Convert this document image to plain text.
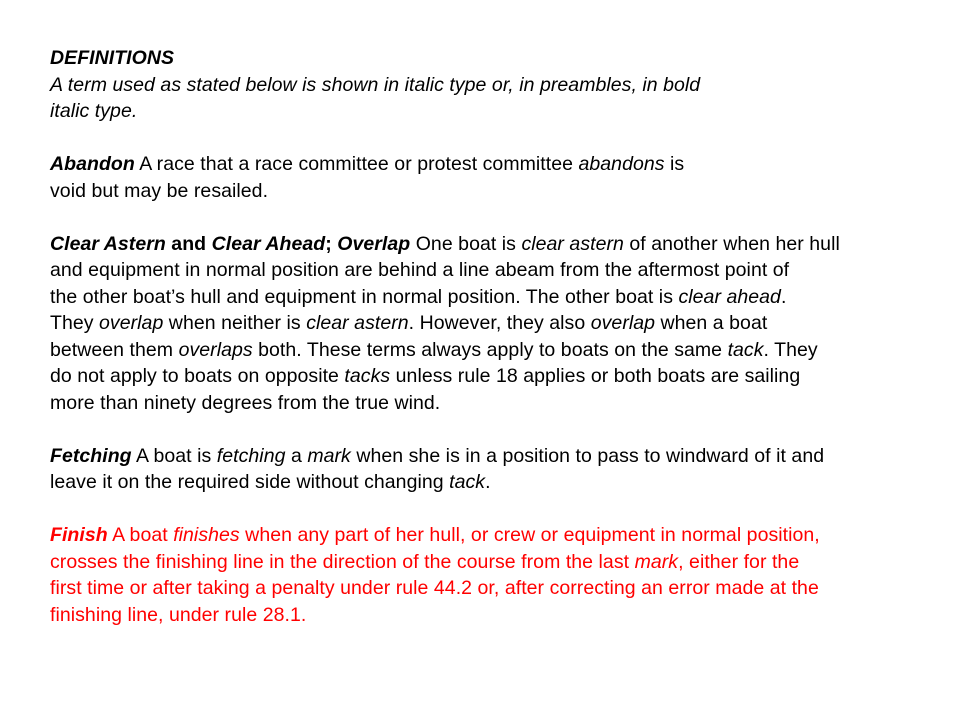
DEFINITIONS

A term used as stated below is shown in italic type or, in preambles, in bold
italic type.

Abandon A race that a race committee or protest committee abandons is
void but may be resailed.

Clear Astern and Clear Ahead; Overlap One boat is clear astern of another when her hull
and equipment in normal position are behind a line abeam from the aftermost point of
the other boat’s hull and equipment in normal position. The other boat is clear ahead.
They overlap when neither is clear astern. However, they also overlap when a boat
between them overlaps both. These terms always apply to boats on the same tack. They
do not apply to boats on opposite tacks unless rule 18 applies or both boats are sailing
more than ninety degrees from the true wind.

Fetching A boat is fetching a mark when she is in a position to pass to windward of it and
leave it on the required side without changing tack.

Finish A boat finishes when any part of her hull, or crew or equipment in normal position,
crosses the finishing line in the direction of the course from the last mark, either for the
first time or after taking a penalty under rule 44.2 or, after correcting an error made at the
finishing line, under rule 28.1.
